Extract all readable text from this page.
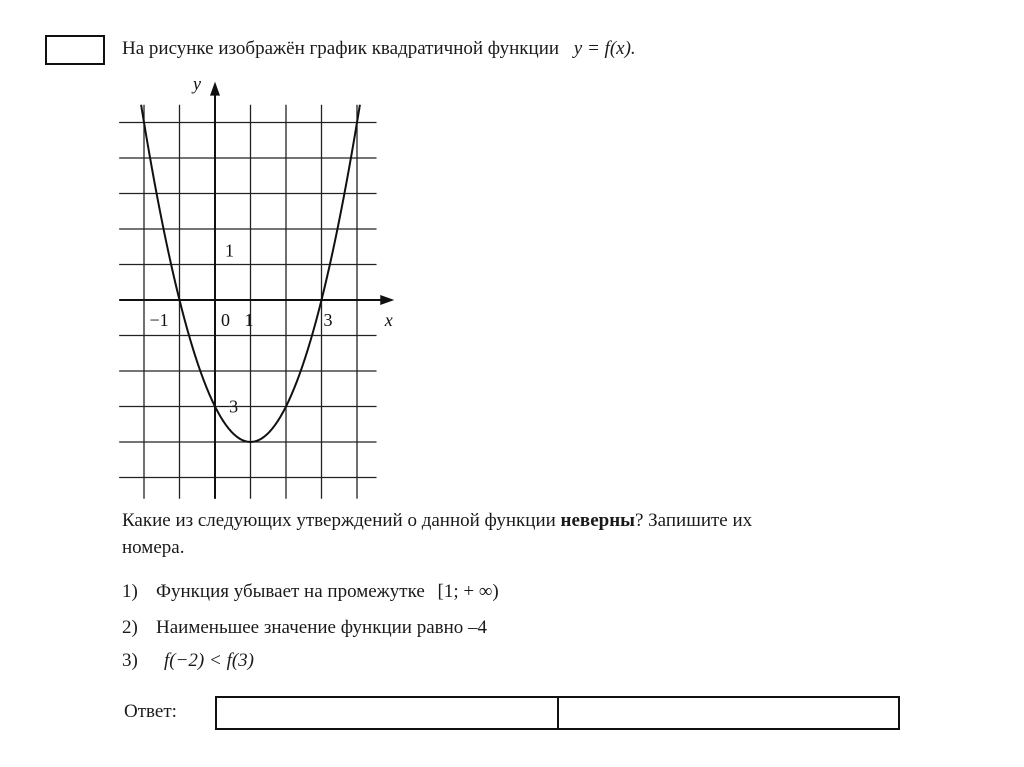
На рисунке изображён график квадратичной функции y = f(x).
−1	0 1	3
1
−3
x
y
Какие из следующих утверждений о данной функции неверны? Запишите их
номера.
1) Функция убывает на промежутке [1; + ∞)
2) Наименьшее значение функции равно –4
3) f(−2) < f(3)
Ответ:
